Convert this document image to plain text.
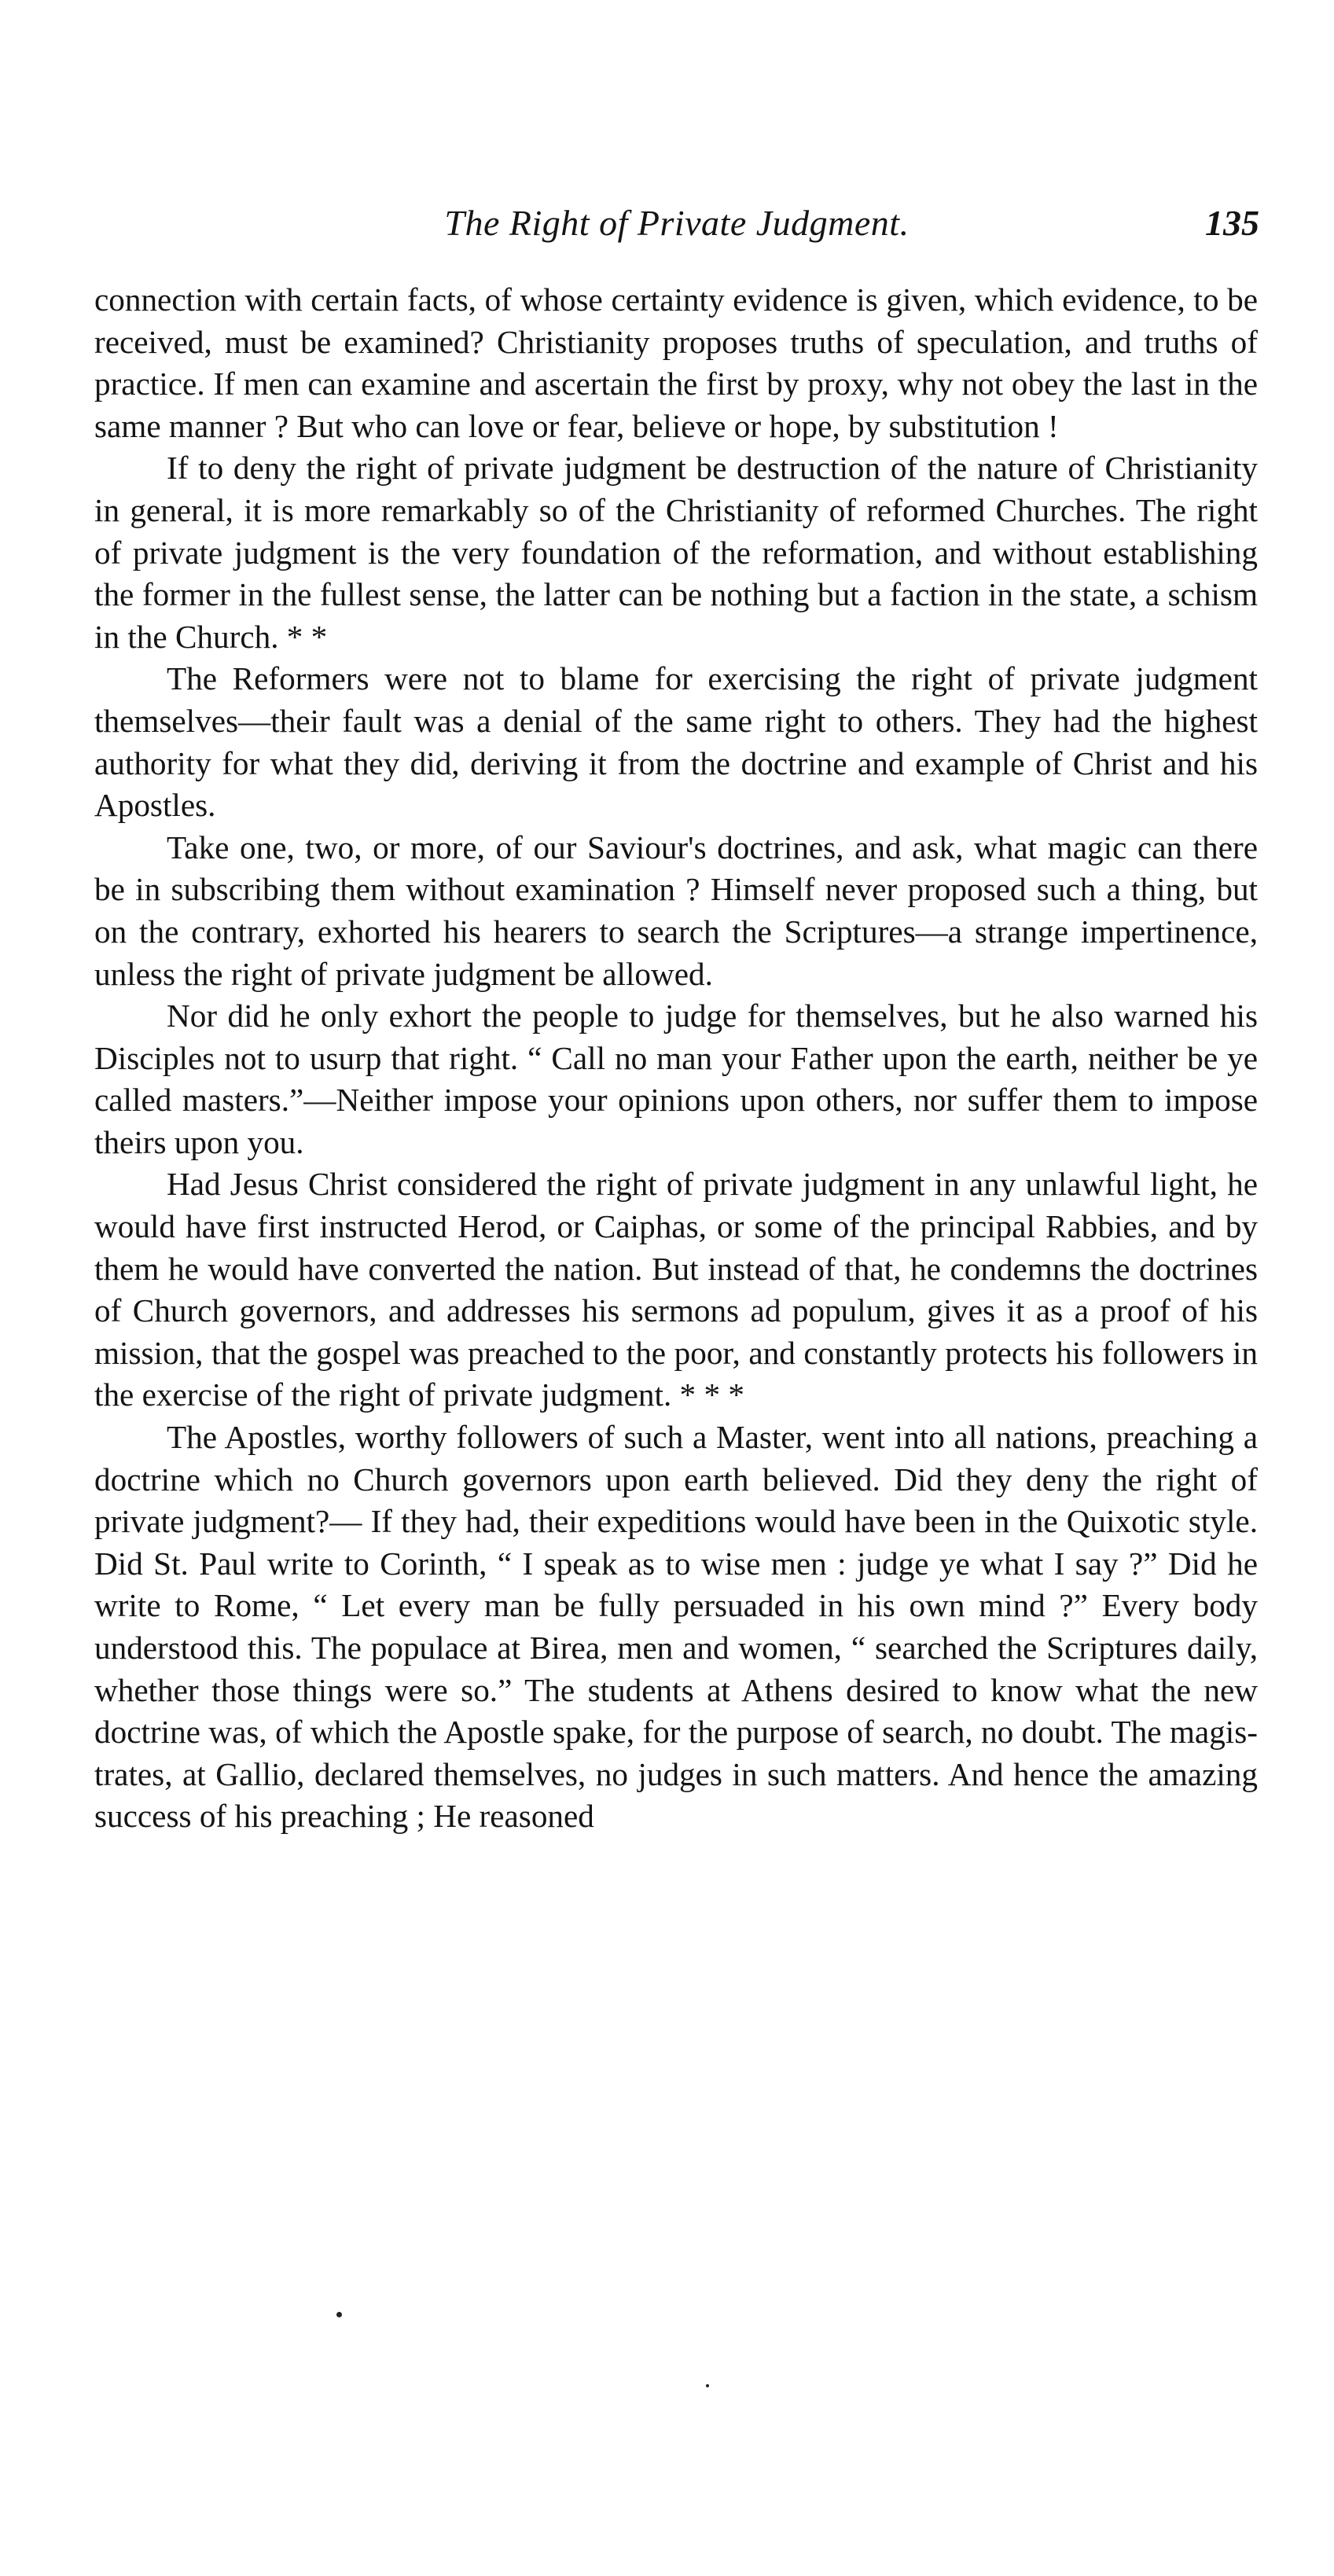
The Right of Private Judgment.	135

connection with certain facts, of whose certainty evidence is given, which evidence, to be received, must be examined? Christianity proposes truths of speculation, and truths of practice. If men can examine and ascertain the first by proxy, why not obey the last in the same manner ? But who can love or fear, believe or hope, by substitution !

If to deny the right of private judgment be destruction of the nature of Christianity in general, it is more remarkably so of the Christianity of reformed Churches. The right of private judgment is the very foundation of the reformation, and without establishing the former in the fullest sense, the latter can be nothing but a faction in the state, a schism in the Church. * *

The Reformers were not to blame for exercising the right of private judgment themselves—their fault was a denial of the same right to others. They had the highest authority for what they did, deriving it from the doctrine and example of Christ and his Apostles.

Take one, two, or more, of our Saviour's doctrines, and ask, what magic can there be in subscribing them without examination ? Himself never proposed such a thing, but on the contrary, exhorted his hearers to search the Scriptures—a strange impertinence, unless the right of private judgment be allowed.

Nor did he only exhort the people to judge for themselves, but he also warned his Disciples not to usurp that right. “ Call no man your Father upon the earth, neither be ye called masters.”—Neither impose your opinions upon others, nor suffer them to impose theirs upon you.

Had Jesus Christ considered the right of private judgment in any unlawful light, he would have first instructed Herod, or Caiphas, or some of the principal Rabbies, and by them he would have converted the nation. But instead of that, he condemns the doctrines of Church governors, and addresses his sermons ad populum, gives it as a proof of his mission, that the gospel was preached to the poor, and constantly protects his followers in the exercise of the right of private judgment. * * *

The Apostles, worthy followers of such a Master, went into all nations, preaching a doctrine which no Church governors upon earth believed. Did they deny the right of private judgment?— If they had, their expeditions would have been in the Quixotic style. Did St. Paul write to Corinth, “ I speak as to wise men : judge ye what I say ?” Did he write to Rome, “ Let every man be fully persuaded in his own mind ?” Every body understood this. The populace at Birea, men and women, “ searched the Scriptures daily, whether those things were so.” The students at Athens desired to know what the new doctrine was, of which the Apostle spake, for the purpose of search, no doubt. The magistrates, at Gallio, declared themselves, no judges in such matters. And hence the amazing success of his preaching ; He reasoned
